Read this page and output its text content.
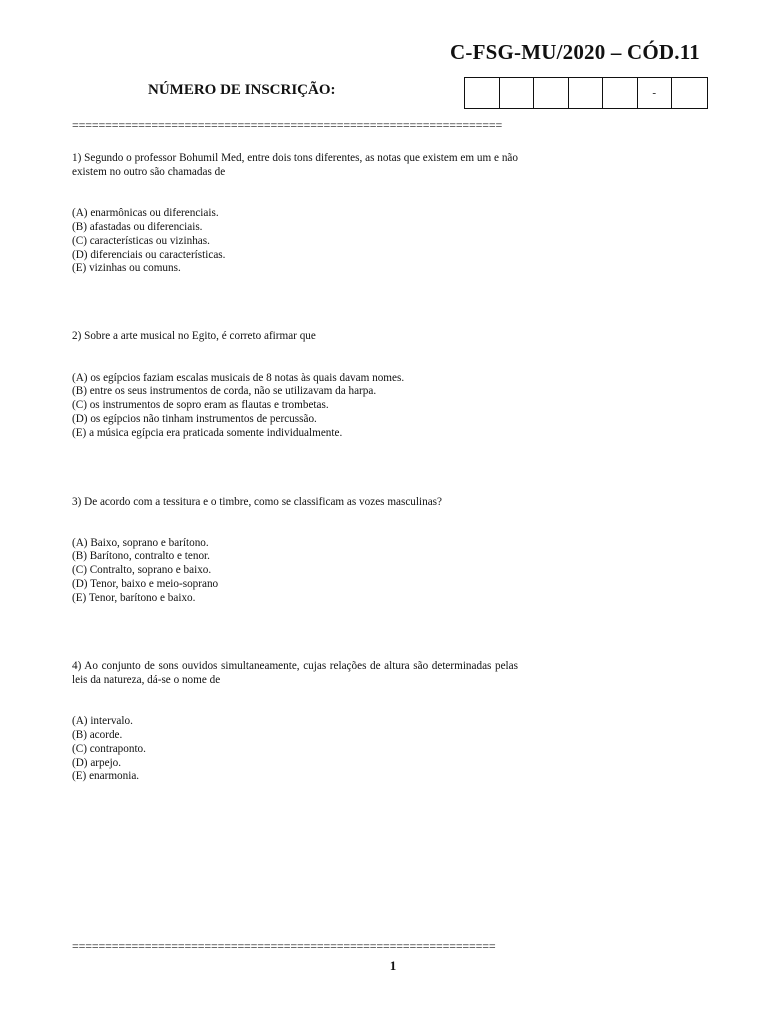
C-FSG-MU/2020 – CÓD.11
NÚMERO DE INSCRIÇÃO:	-
=================================================================
1) Segundo o professor Bohumil Med, entre dois tons diferentes, as notas que existem em um e não existem no outro são chamadas de
(A) enarmônicas ou diferenciais.
(B) afastadas ou diferenciais.
(C) características ou vizinhas.
(D) diferenciais ou características.
(E) vizinhas ou comuns.
2) Sobre a arte musical no Egito, é correto afirmar que
(A) os egípcios faziam escalas musicais de 8 notas às quais davam nomes.
(B) entre os seus instrumentos de corda, não se utilizavam da harpa.
(C) os instrumentos de sopro eram as flautas e trombetas.
(D) os egípcios não tinham instrumentos de percussão.
(E) a música egípcia era praticada somente individualmente.
3) De acordo com a tessitura e o timbre, como se classificam as vozes masculinas?
(A) Baixo, soprano e barítono.
(B) Barítono, contralto e tenor.
(C) Contralto, soprano e baixo.
(D) Tenor, baixo e meio-soprano
(E) Tenor, barítono e baixo.
4) Ao conjunto de sons ouvidos simultaneamente, cujas relações de altura são determinadas pelas leis da natureza, dá-se o nome de
(A) intervalo.
(B) acorde.
(C) contraponto.
(D) arpejo.
(E) enarmonia.
================================================================
1
